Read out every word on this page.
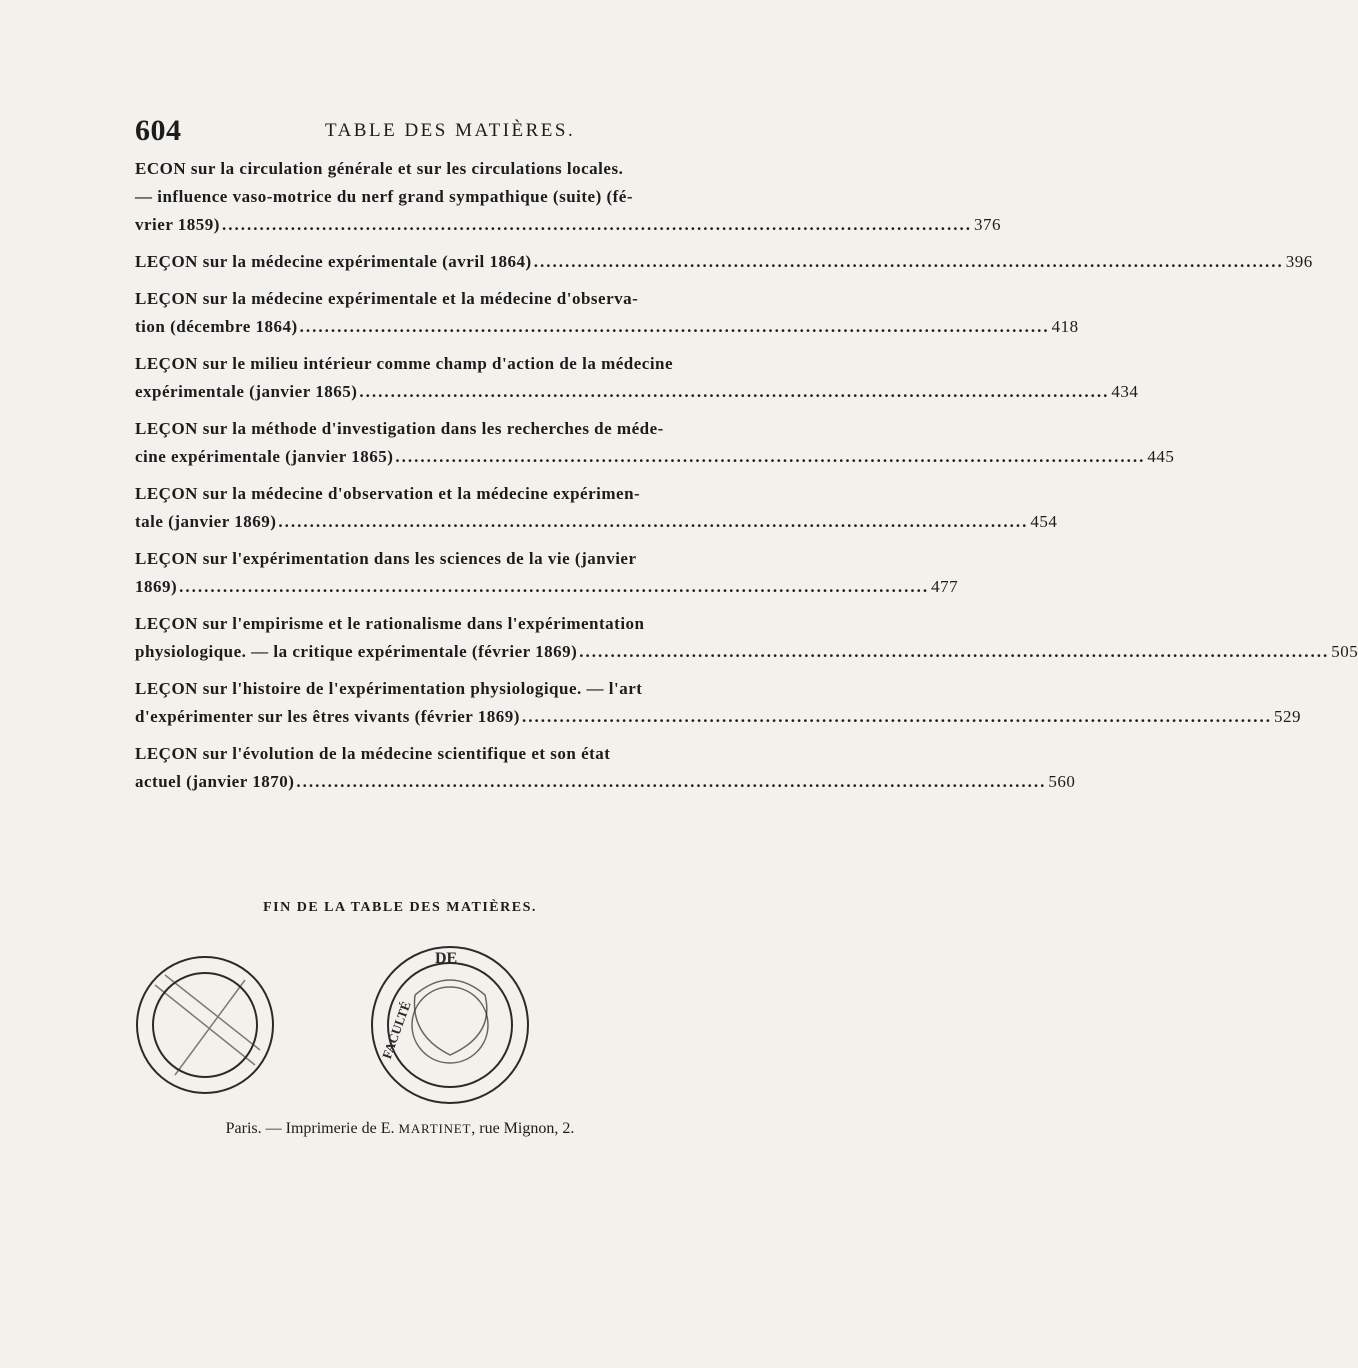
604	TABLE DES MATIÈRES.
ECON sur la circulation générale et sur les circulations locales.
— influence vaso-motrice du nerf grand sympathique (suite) (fé-
vrier 1859) ........................................................................................................................ 376
LEÇON sur la médecine expérimentale (avril 1864) ........................................................................................................................ 396
LEÇON sur la médecine expérimentale et la médecine d'observa-
tion (décembre 1864) ........................................................................................................................ 418
LEÇON sur le milieu intérieur comme champ d'action de la médecine
expérimentale (janvier 1865) ........................................................................................................................ 434
LEÇON sur la méthode d'investigation dans les recherches de méde-
cine expérimentale (janvier 1865) ........................................................................................................................ 445
LEÇON sur la médecine d'observation et la médecine expérimen-
tale (janvier 1869) ........................................................................................................................ 454
LEÇON sur l'expérimentation dans les sciences de la vie (janvier
1869) ........................................................................................................................ 477
LEÇON sur l'empirisme et le rationalisme dans l'expérimentation
physiologique. — la critique expérimentale (février 1869) ........................................................................................................................ 505
LEÇON sur l'histoire de l'expérimentation physiologique. — l'art
d'expérimenter sur les êtres vivants (février 1869) ........................................................................................................................ 529
LEÇON sur l'évolution de la médecine scientifique et son état
actuel (janvier 1870) ........................................................................................................................ 560
FIN DE LA TABLE DES MATIÈRES.
DE
FACULTÉ
Paris. — Imprimerie de E. MARTINET, rue Mignon, 2.
